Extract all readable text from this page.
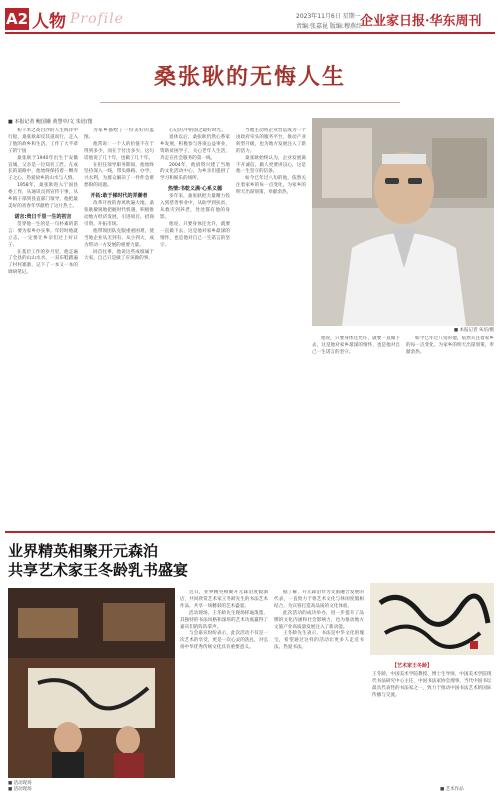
A2 人物 Profile	2023年11月6日 星期一
责编:张嘉昆 版编:穆燕红
企业家日报·华东周刊
桑张耿的无悔人生
■ 本报记者 鲍国娥 黄慧中/文 朱培/图

初千米之高白沙的人生海洋中行船，桑张耿却反其道而行，走入了他的故乡和生活、工作了大半辈子的宁国

桑张耿于1940年出生于安徽宣城，父亲是一位知名工匠。在成长的道路中，他始终保持着一颗赤子之心，热爱故乡的山水与人情。

1958年，桑张耿进入宁国县委工作，从通讯员到宣传干事，从乡镇干部到县直部门领导，他把最美好的青春年华献给了这片热土。

诺言:贵日千里一生的初言

贯穿他一生的是一句朴素的诺言：要为家乡办实事。年轻时他就立志，一定要让乡亲们过上好日子。

在基层工作的岁月里，他走遍了全县的山山水水，一双布鞋踏遍了村村寨寨，记下了一本又一本的调研笔记。

为家乡描绘了一份美好的蓝图。

他常说：一个人的价值不在于得到多少，而在于付出多少。这句话他说了几十年，也做了几十年。

在担任领导职务期间，他始终坚持深入一线，带头修路、办学、兴水利，为群众解决了一件件急难愁盼的问题。

开拓:敢于梯时代的弄潮者

改革开放的春风吹遍大地，桑张耿敏锐地把握时代机遇，积极推动地方经济发展，引进项目、招商引资、开拓市场。

他带领团队克服重重困难，使当地企业从无到有、从小到大，成为带动一方发展的重要力量。

回首往事，他说这些成绩属于大家，自己只是做了应该做的事。

心记的,中的国之最好时光。

退休以后，桑张耿仍然心系家乡发展，积极参与各项公益事业，资助贫困学子，关心老年人生活，奔走在社会服务的第一线。

2004年，他捐资兴建了当地的文化活动中心，为乡亲们提供了学习和娱乐的场所。

热情:书乾义满·心系义德

多年来，桑张耿把大量精力投入到慈善事业中，从助学到扶贫，从救灾到养老，处处都有他的身影。

他说，只要身体还允许，就要一直做下去，这是他对家乡最深的情怀，也是他对自己一生诺言的坚守。

当地主动将企业营造成为一个由政府牵头的服务平台，推动产业转型升级，也为地方发展注入了新的活力。

桑张耿始终认为，企业发展离不开诚信，做人更要讲良心，这是他一生坚守的信条。

如今已年过八旬的他，依然关注着家乡的每一点变化，为家乡的明天出谋划策，奉献余热。

■ 本报记者 朱培/摄

他说，只要身体还允许，就要一直做下去，这是他对家乡最深的情怀，也是他对自己一生诺言的坚守。

如今已年过八旬的他，依然关注着家乡的每一点变化，为家乡的明天出谋划策，奉献余热。

业界精英相聚开元森泊
共享艺术家王冬龄乳书盛宴
■ 活动现场

近日，业界精英相聚开元森泊度假酒店，共同欣赏艺术家王冬龄先生的书法艺术作品，共享一场精彩的艺术盛宴。

活动现场，王冬龄先生现场挥毫泼墨，其独特的书法风格和深厚的艺术功底赢得了嘉宾们的阵阵掌声。

与会嘉宾纷纷表示，此次活动不仅是一次艺术的享受，更是一次心灵的洗礼，对弘扬中华优秀传统文化具有重要意义。

据了解，开元森泊作为文旅融合发展的代表，一直致力于将艺术文化与休闲度假相结合，为宾客打造高品质的文化体验。

此次活动的成功举办，进一步提升了品牌的文化内涵和社会影响力，也为推动地方文旅产业高质量发展注入了新动能。

王冬龄先生表示，书法是中华文化的瑰宝，希望通过这样的活动让更多人走近书法、热爱书法。

【艺术家王冬龄】
王冬龄，中国美术学院教授、博士生导师，中国美术学院现代书法研究中心主任，中国书法家协会理事，当代中国书坛最具代表性的书法家之一，致力于推动中国书法艺术的国际传播与交流。
■ 活动现场	■ 艺术作品
